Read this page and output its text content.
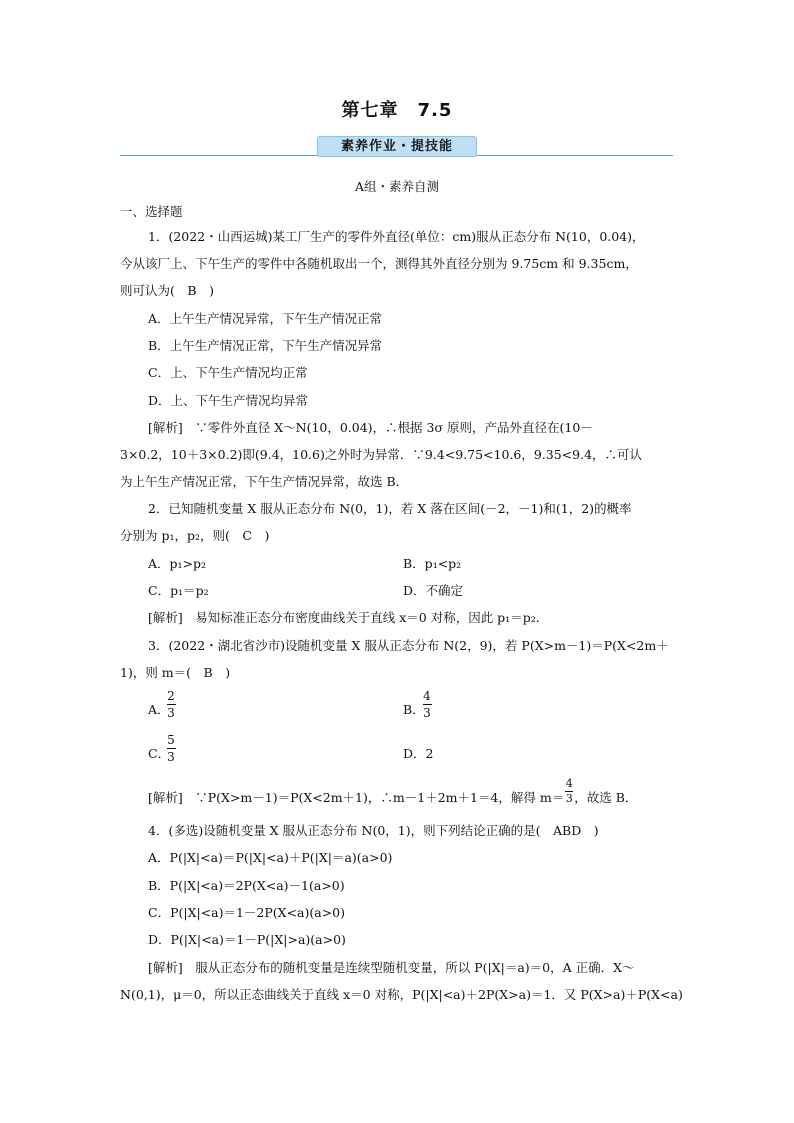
第七章　7.5
素养作业・提技能
A组・素养自测
一、选择题
1．(2022・山西运城)某工厂生产的零件外直径(单位：cm)服从正态分布 N(10，0.04)，
今从该厂上、下午生产的零件中各随机取出一个，测得其外直径分别为 9.75cm 和 9.35cm，
则可认为(　B　)
A．上午生产情况异常，下午生产情况正常
B．上午生产情况正常，下午生产情况异常
C．上、下午生产情况均正常
D．上、下午生产情况均异常
[解析]　∵零件外直径 X～N(10，0.04)，∴根据 3σ 原则，产品外直径在(10－
3×0.2，10＋3×0.2)即(9.4，10.6)之外时为异常．∵9.4<9.75<10.6，9.35<9.4，∴可认
为上午生产情况正常，下午生产情况异常，故选 B．
2．已知随机变量 X 服从正态分布 N(0，1)，若 X 落在区间(－2，－1)和(1，2)的概率
分别为 p₁，p₂，则(　C　)
A．p₁>p₂	B．p₁<p₂
C．p₁＝p₂	D．不确定
[解析]　易知标准正态分布密度曲线关于直线 x＝0 对称，因此 p₁＝p₂．
3．(2022・湖北省沙市)设随机变量 X 服从正态分布 N(2，9)，若 P(X>m－1)＝P(X<2m＋
1)，则 m＝(　B　)
A．
2
3	B．
4
3
C．
5
3	D．2
[解析]　∵P(X>m－1)＝P(X<2m＋1)，∴m－1＋2m＋1＝4，解得 $m= \frac{4}{3}$ ，故选 B．
4．(多选)设随机变量 X 服从正态分布 N(0，1)，则下列结论正确的是(　ABD　)
A．P(|X|<a)＝P(|X|<a)＋P(|X|＝a)(a>0)
B．P(|X|<a)＝2P(X<a)－1(a>0)
C．P(|X|<a)＝1－2P(X<a)(a>0)
D．P(|X|<a)＝1－P(|X|>a)(a>0)
[解析]　服从正态分布的随机变量是连续型随机变量，所以 P(|X|＝a)＝0，A 正确．X～
N(0,1)，μ＝0，所以正态曲线关于直线 x＝0 对称，P(|X|<a)＋2P(X>a)＝1．又 P(X>a)＋P(X<a)
